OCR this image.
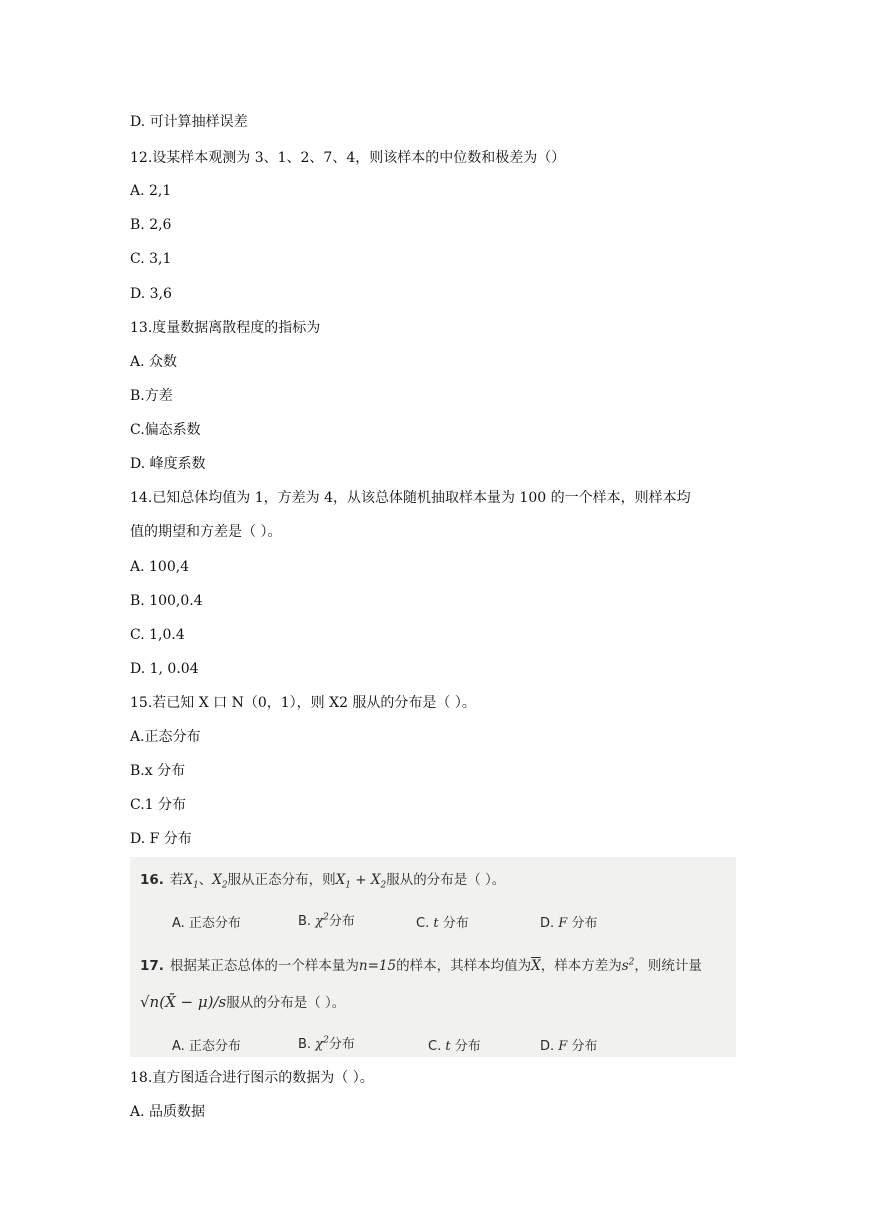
D. 可计算抽样误差
12.设某样本观测为 3、1、2、7、4，则该样本的中位数和极差为（）
A. 2,1
B. 2,6
C. 3,1
D. 3,6
13.度量数据离散程度的指标为
A. 众数
B.方差
C.偏态系数
D. 峰度系数
14.已知总体均值为 1，方差为 4，从该总体随机抽取样本量为 100 的一个样本，则样本均
值的期望和方差是（ ）。
A. 100,4
B. 100,0.4
C. 1,0.4
D. 1, 0.04
15.若已知 X 口 N（0，1），则 X2 服从的分布是（ ）。
A.正态分布
B.x 分布
C.1 分布
D. F 分布
16. 若$X_1$、$X_2$服从正态分布，则$X_1 + X_2$服从的分布是（ ）。
A. 正态分布	B. $\chi^2$分布	C. t 分布	D. F 分布
17. 根据某正态总体的一个样本量为n=15的样本，其样本均值为$\overline{X}$，样本方差为$s^2$，则统计量
√n(X̄ − μ)/s服从的分布是（ ）。
A. 正态分布	B. $\chi^2$分布	C. t 分布	D. F 分布
18.直方图适合进行图示的数据为（ ）。
A. 品质数据
